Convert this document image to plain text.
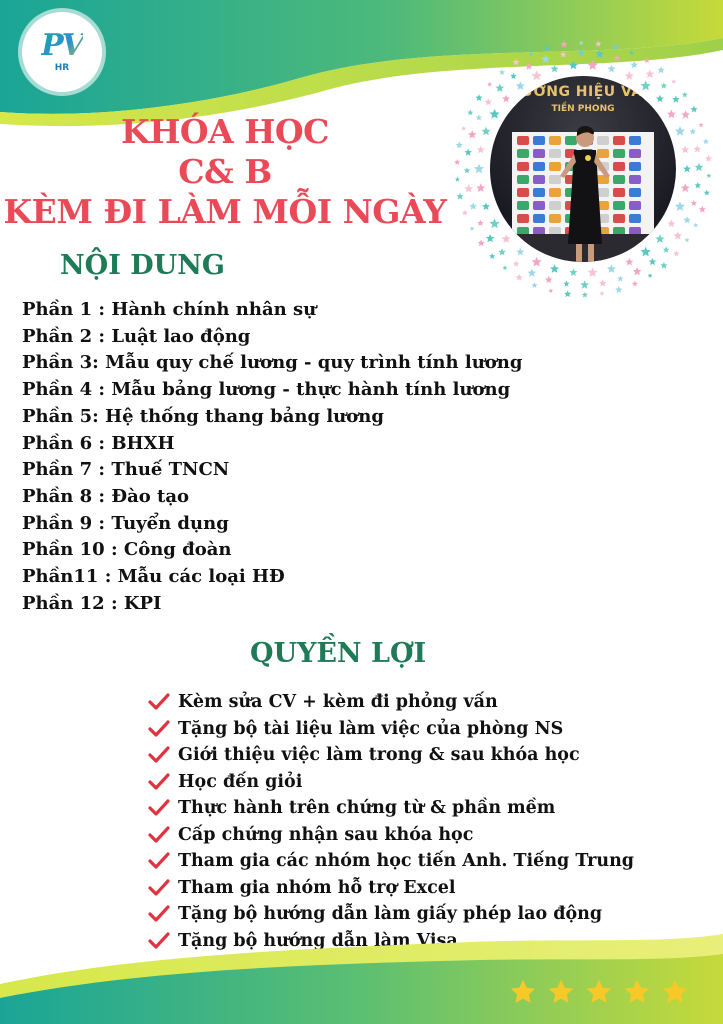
PV
HR
KHÓA HỌC
C& B
KÈM ĐI LÀM MỖI NGÀY
THƯƠNG HIỆU VÀNG
TIỀN PHONG
NỘI DUNG
Phần 1 : Hành chính nhân sự
Phần 2 : Luật lao động
Phần 3: Mẫu quy chế lương - quy trình tính lương
Phần 4 : Mẫu bảng lương - thực hành tính lương
Phần 5: Hệ thống thang bảng lương
Phần 6 : BHXH
Phần 7 : Thuế TNCN
Phần 8 : Đào tạo
Phần 9 : Tuyển dụng
Phần 10 : Công đoàn
Phần11 : Mẫu các loại HĐ
Phần 12 : KPI
QUYỀN LỢI
Kèm sửa CV + kèm đi phỏng vấn
Tặng bộ tài liệu làm việc của phòng NS
Giới thiệu việc làm trong & sau khóa học
Học đến giỏi
Thực hành trên chứng từ & phần mềm
Cấp chứng nhận sau khóa học
Tham gia các nhóm học tiến Anh. Tiếng Trung
Tham gia nhóm hỗ trợ Excel
Tặng bộ hướng dẫn làm giấy phép lao động
Tặng bộ hướng dẫn làm Visa
